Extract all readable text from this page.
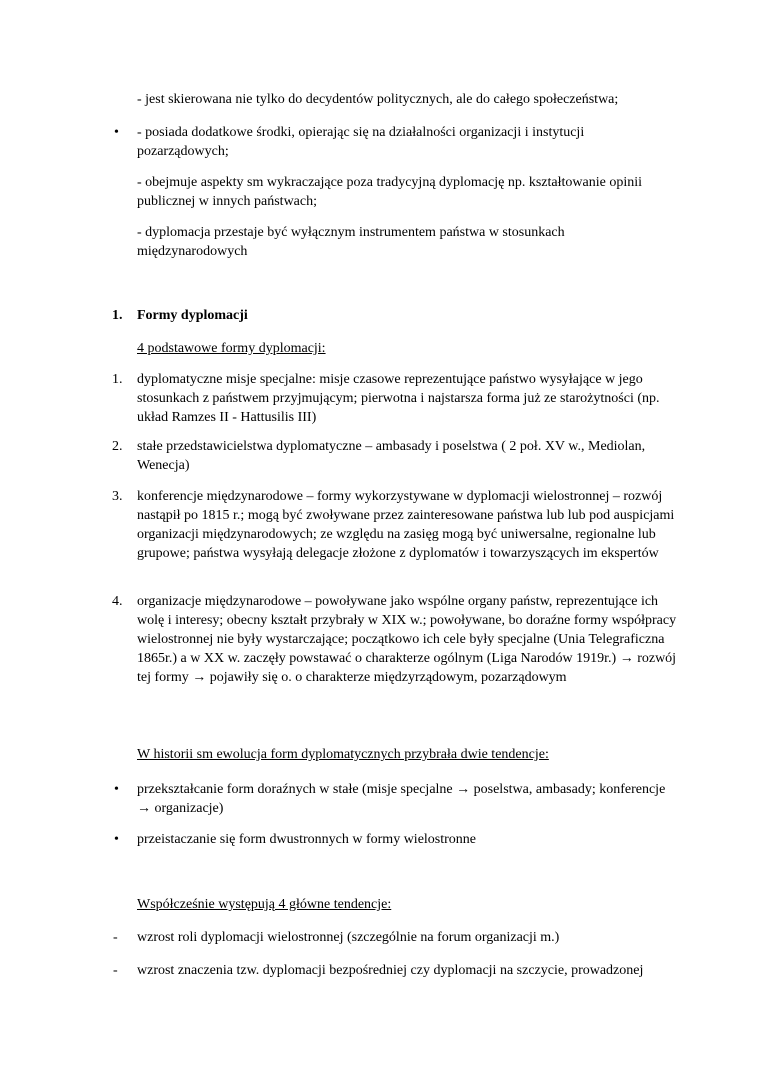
- jest skierowana nie tylko do decydentów politycznych, ale do całego społeczeństwa;
• - posiada dodatkowe środki, opierając się na działalności organizacji i instytucji pozarządowych;
- obejmuje aspekty sm wykraczające poza tradycyjną dyplomację np. kształtowanie opinii publicznej w innych państwach;
- dyplomacja przestaje być wyłącznym instrumentem państwa w stosunkach międzynarodowych
1. Formy dyplomacji
4 podstawowe formy dyplomacji:
1. dyplomatyczne misje specjalne: misje czasowe reprezentujące państwo wysyłające w jego stosunkach z państwem przyjmującym; pierwotna i najstarsza forma już ze starożytności (np. układ Ramzes II - Hattusilis III)
2. stałe przedstawicielstwa dyplomatyczne – ambasady i poselstwa ( 2 poł. XV w., Mediolan, Wenecja)
3. konferencje międzynarodowe – formy wykorzystywane w dyplomacji wielostronnej – rozwój nastąpił po 1815 r.; mogą być zwoływane przez zainteresowane państwa lub lub pod auspicjami organizacji międzynarodowych; ze względu na zasięg mogą być uniwersalne, regionalne lub grupowe; państwa wysyłają delegacje złożone z dyplomatów i towarzyszących im ekspertów
4. organizacje międzynarodowe – powoływane jako wspólne organy państw, reprezentujące ich wolę i interesy; obecny kształt przybrały w XIX w.; powoływane, bo doraźne formy współpracy wielostronnej nie były wystarczające; początkowo ich cele były specjalne (Unia Telegraficzna 1865r.) a w XX w. zaczęły powstawać o charakterze ogólnym (Liga Narodów 1919r.) → rozwój tej formy → pojawiły się o. o charakterze międzyrządowym, pozarządowym
W historii sm ewolucja form dyplomatycznych przybrała dwie tendencje:
• przekształcanie form doraźnych w stałe (misje specjalne → poselstwa, ambasady; konferencje → organizacje)
• przeistaczanie się form dwustronnych w formy wielostronne
Współcześnie występują 4 główne tendencje:
- wzrost roli dyplomacji wielostronnej (szczególnie na forum organizacji m.)
- wzrost znaczenia tzw. dyplomacji bezpośredniej czy dyplomacji na szczycie, prowadzonej
